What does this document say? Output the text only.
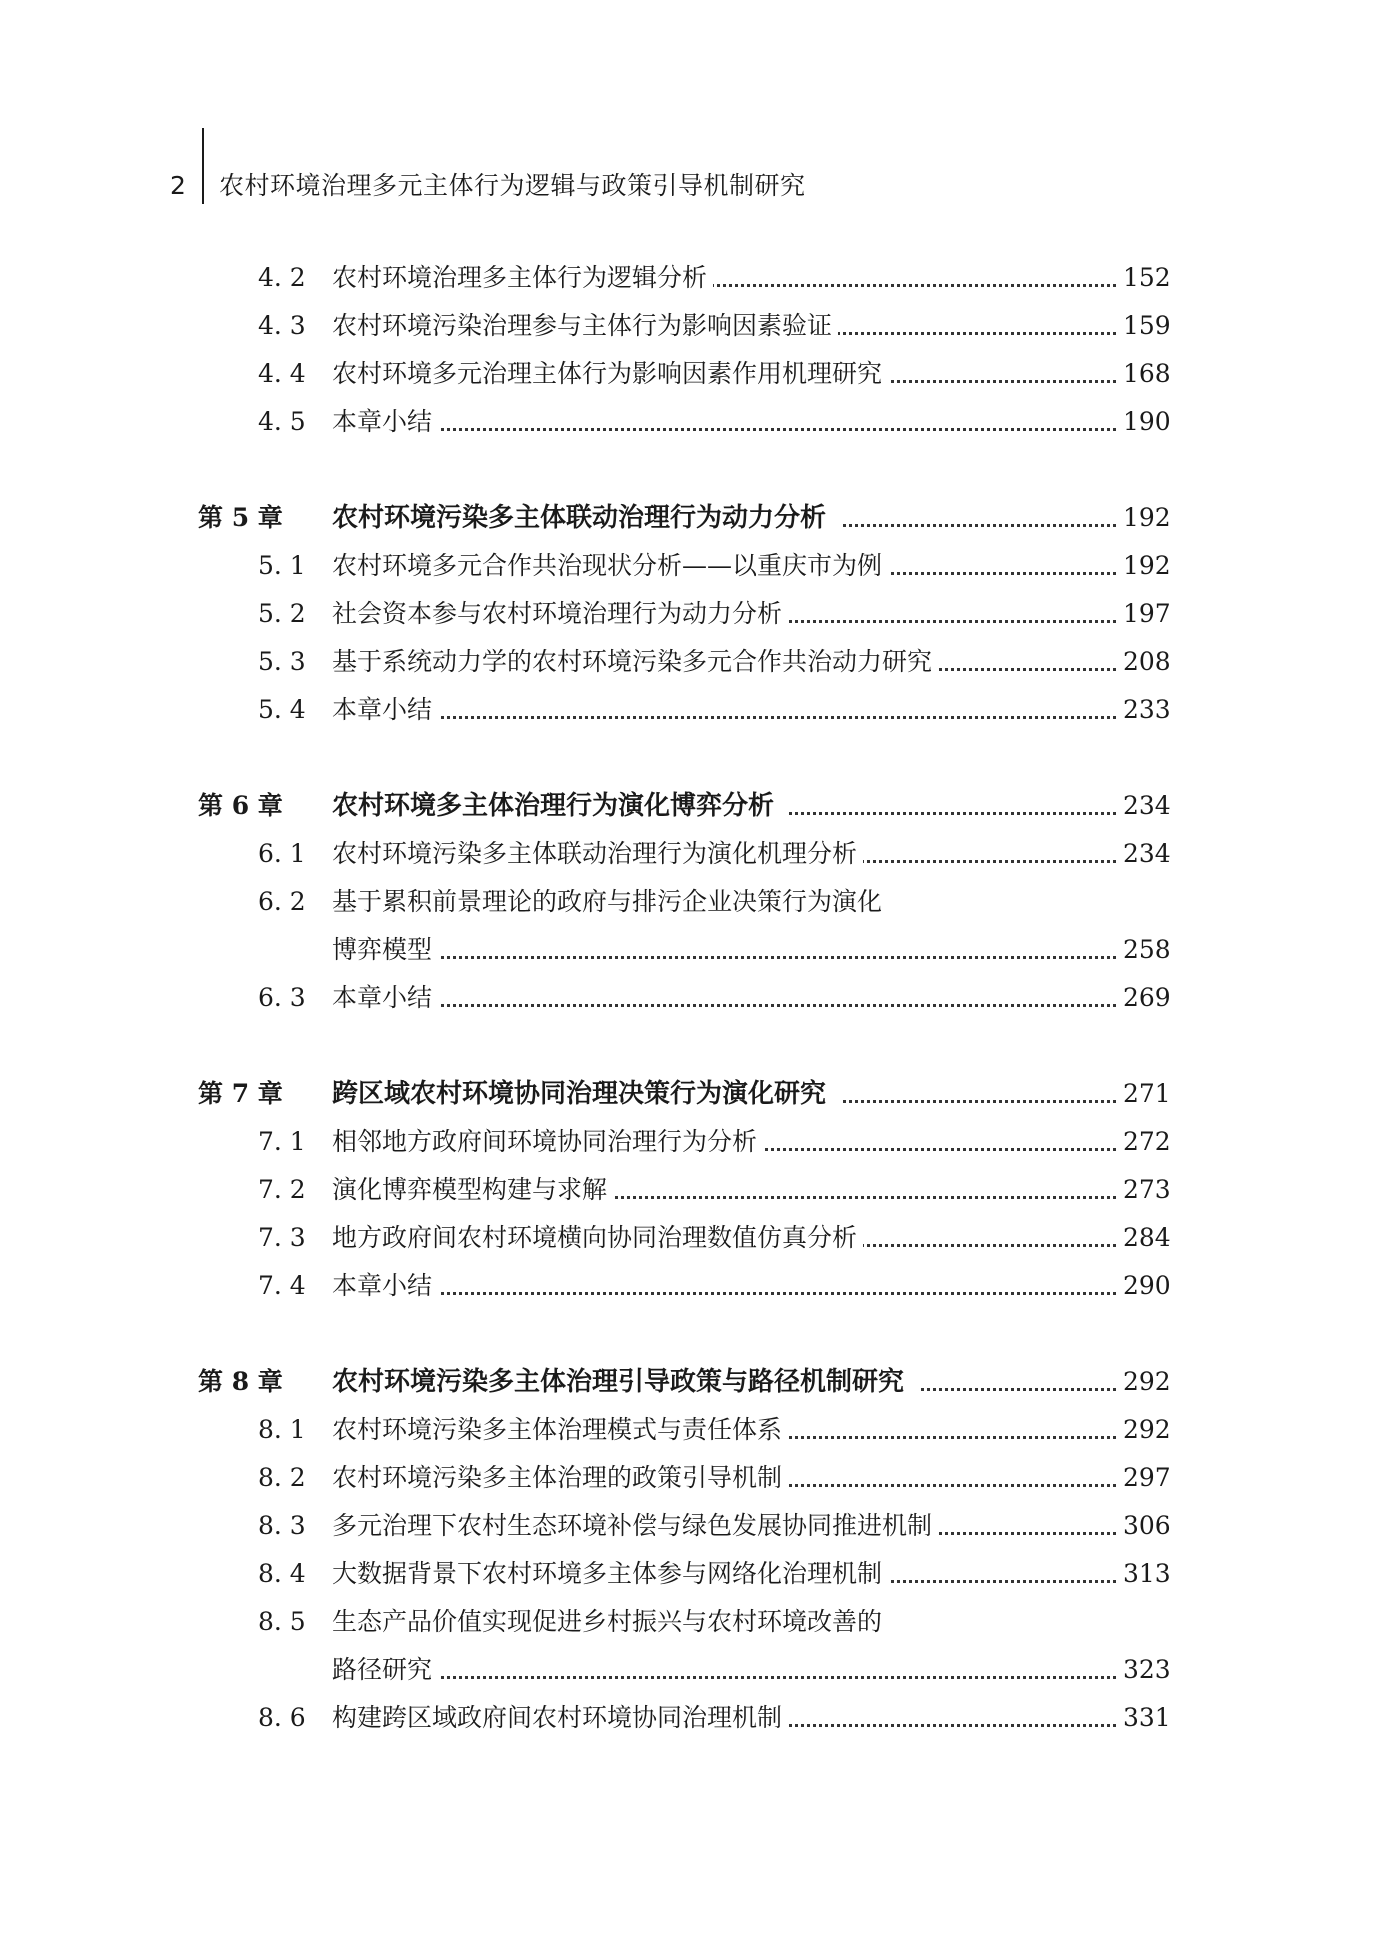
2 农村环境治理多元主体行为逻辑与政策引导机制研究
4. 2	农村环境治理多主体行为逻辑分析	152
4. 3	农村环境污染治理参与主体行为影响因素验证	159
4. 4	农村环境多元治理主体行为影响因素作用机理研究	168
4. 5	本章小结	190
第 5 章	农村环境污染多主体联动治理行为动力分析	192
5. 1	农村环境多元合作共治现状分析——以重庆市为例	192
5. 2	社会资本参与农村环境治理行为动力分析	197
5. 3	基于系统动力学的农村环境污染多元合作共治动力研究	208
5. 4	本章小结	233
第 6 章	农村环境多主体治理行为演化博弈分析	234
6. 1	农村环境污染多主体联动治理行为演化机理分析	234
6. 2	基于累积前景理论的政府与排污企业决策行为演化
博弈模型	258
6. 3	本章小结	269
第 7 章	跨区域农村环境协同治理决策行为演化研究	271
7. 1	相邻地方政府间环境协同治理行为分析	272
7. 2	演化博弈模型构建与求解	273
7. 3	地方政府间农村环境横向协同治理数值仿真分析	284
7. 4	本章小结	290
第 8 章	农村环境污染多主体治理引导政策与路径机制研究	292
8. 1	农村环境污染多主体治理模式与责任体系	292
8. 2	农村环境污染多主体治理的政策引导机制	297
8. 3	多元治理下农村生态环境补偿与绿色发展协同推进机制	306
8. 4	大数据背景下农村环境多主体参与网络化治理机制	313
8. 5	生态产品价值实现促进乡村振兴与农村环境改善的
路径研究	323
8. 6	构建跨区域政府间农村环境协同治理机制	331
